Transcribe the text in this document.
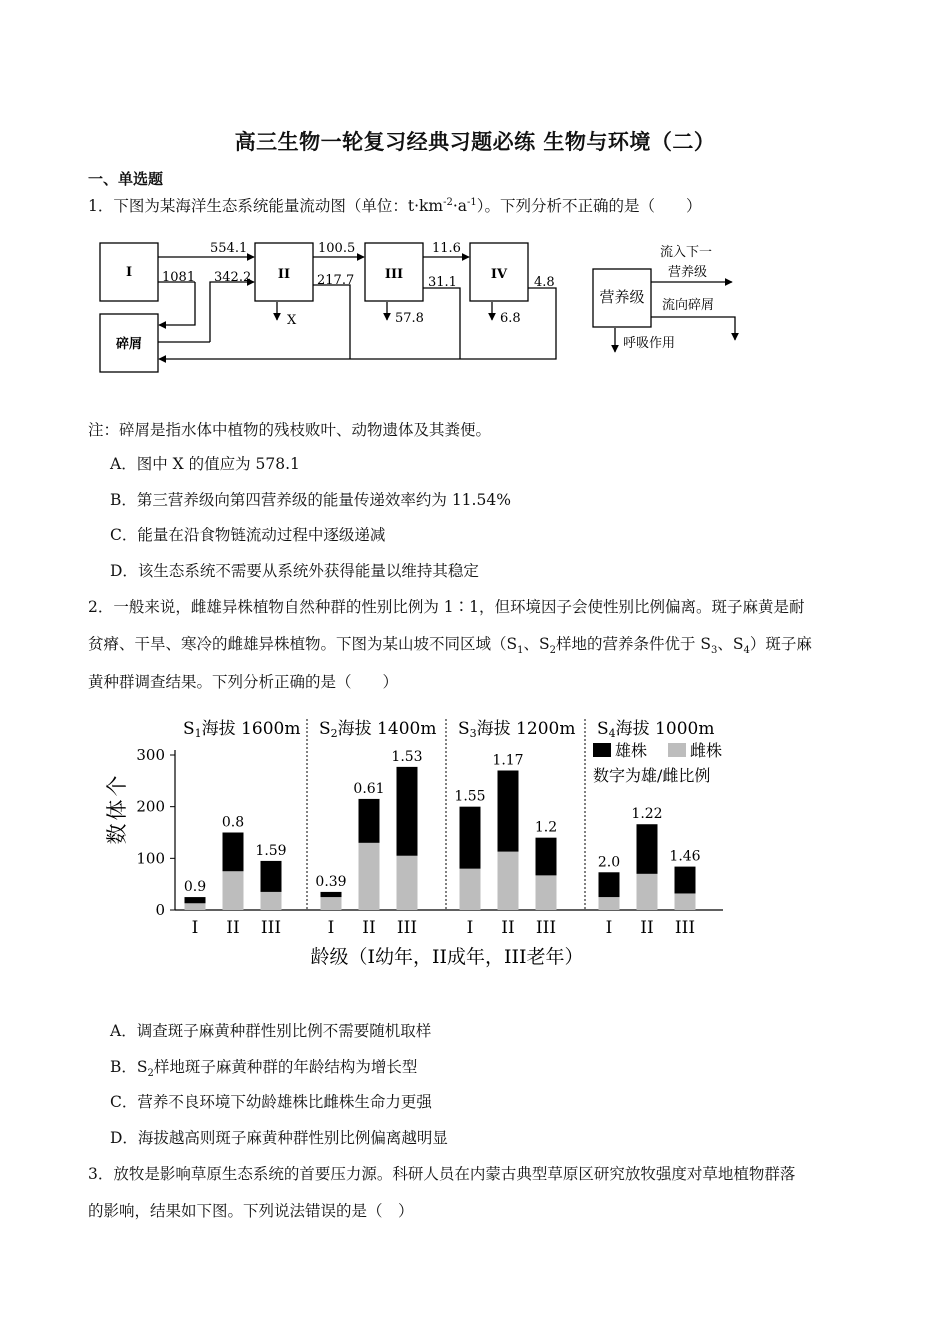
高三生物一轮复习经典习题必练 生物与环境（二）
一、单选题
1．下图为某海洋生态系统能量流动图（单位：$t\cdot km^{-2}\cdot a^{-1}$）。下列分析不正确的是（　　）
I	II	III	IV
碎屑
554.1
1081 342.2
100.5
217.7
11.6
31.1	4.8
X	57.8	6.8
营养级
流入下一
营养级
流向碎屑
呼吸作用
注：碎屑是指水体中植物的残枝败叶、动物遗体及其粪便。
A．图中 X 的值应为 578.1
B．第三营养级向第四营养级的能量传递效率约为 11.54%
C．能量在沿食物链流动过程中逐级递减
D．该生态系统不需要从系统外获得能量以维持其稳定
2．一般来说，雌雄异株植物自然种群的性别比例为 1∶1，但环境因子会使性别比例偏离。斑子麻黄是耐
贫瘠、干旱、寒冷的雌雄异株植物。下图为某山坡不同区域（$S_1$、$S_2$样地的营养条件优于 $S_3$、$S_4$）斑子麻
黄种群调查结果。下列分析正确的是（　　）
0
100
200
300
个
体
数
S1海拔 1600m
0.9
I
0.8
II
1.59
III
S2海拔 1400m
0.39
I
0.61
II
1.53
III
S3海拔 1200m
1.55
I
1.17
II
1.2
III
S4海拔 1000m
2.0
I
1.22
II
1.46
III
雄株	雌株
数字为雄/雌比例
龄级（I幼年，II成年，III老年）
A．调查斑子麻黄种群性别比例不需要随机取样
B．$S_2$样地斑子麻黄种群的年龄结构为增长型
C．营养不良环境下幼龄雄株比雌株生命力更强
D．海拔越高则斑子麻黄种群性别比例偏离越明显
3．放牧是影响草原生态系统的首要压力源。科研人员在内蒙古典型草原区研究放牧强度对草地植物群落
的影响，结果如下图。下列说法错误的是（　）
